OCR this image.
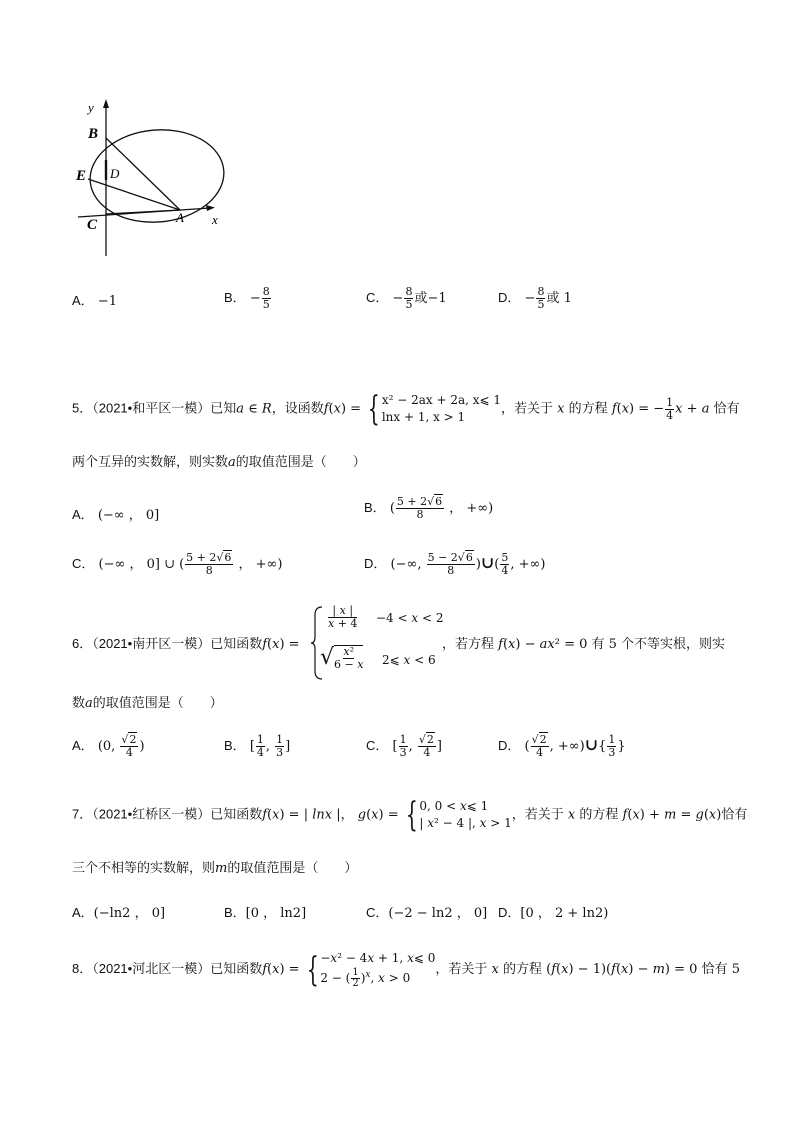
y
B
E D
C	A x
A． −1	B． − $\frac{8}{5}$	C． − $\frac{8}{5}$ 或−1	D． − $\frac{8}{5}$ 或 1
5．（2021•和平区一模）已知a ∈ R，设函数f(x) = { x² − 2ax + 2a, x⩽ 1
lnx + 1, x > 1
，若关于 x 的方程 f(x) = − $\frac{1}{4}$ x + a 恰有
两个互异的实数解，则实数a的取值范围是（　　）
A． (−∞ ， 0]
B． ( $\frac{5 + 2√6}{8}$ ， +∞)
C． (−∞ ， 0] ∪ ( $\frac{5 + 2√6}{8}$ ， +∞)	D． (−∞, $\frac{5 - 2√6}{8}$ )∪( $\frac{5}{4}$ , +∞)
6．（2021•南开区一模）已知函数f(x) =
| x |
x + 4 −4 < x < 2
√ $\frac{\text{x²}}{6 - x}$ 2⩽ x < 6
，若方程 f(x) − ax² = 0 有 5 个不等实根，则实
数a的取值范围是（　　）
A． (0, $\frac{√2}{4}$ )	B． [ $\frac{1}{4}$ , $\frac{1}{3}$ ]	C． [ $\frac{1}{3}$ , $\frac{√2}{4}$ ]	D． ( $\frac{√2}{4}$ , +∞)∪{ $\frac{1}{3}$ }
7．（2021•红桥区一模）已知函数f(x) = | lnx |， g(x) = { 0, 0 < x⩽ 1
| x² − 4 |, x > 1
，若关于 x 的方程 f(x) + m = g(x)恰有
三个不相等的实数解，则m的取值范围是（　　）
A．(−ln2 ， 0]	B．[0 ， ln2]	C．(−2 − ln2 ， 0] D．[0 ， 2 + ln2)
8．（2021•河北区一模）已知函数f(x) = { −x² − 4x + 1, x⩽ 0
2 − ( $\frac{1}{2} )^x$, x > 0
，若关于 x 的方程 (f(x) − 1)(f(x) − m) = 0 恰有 5
